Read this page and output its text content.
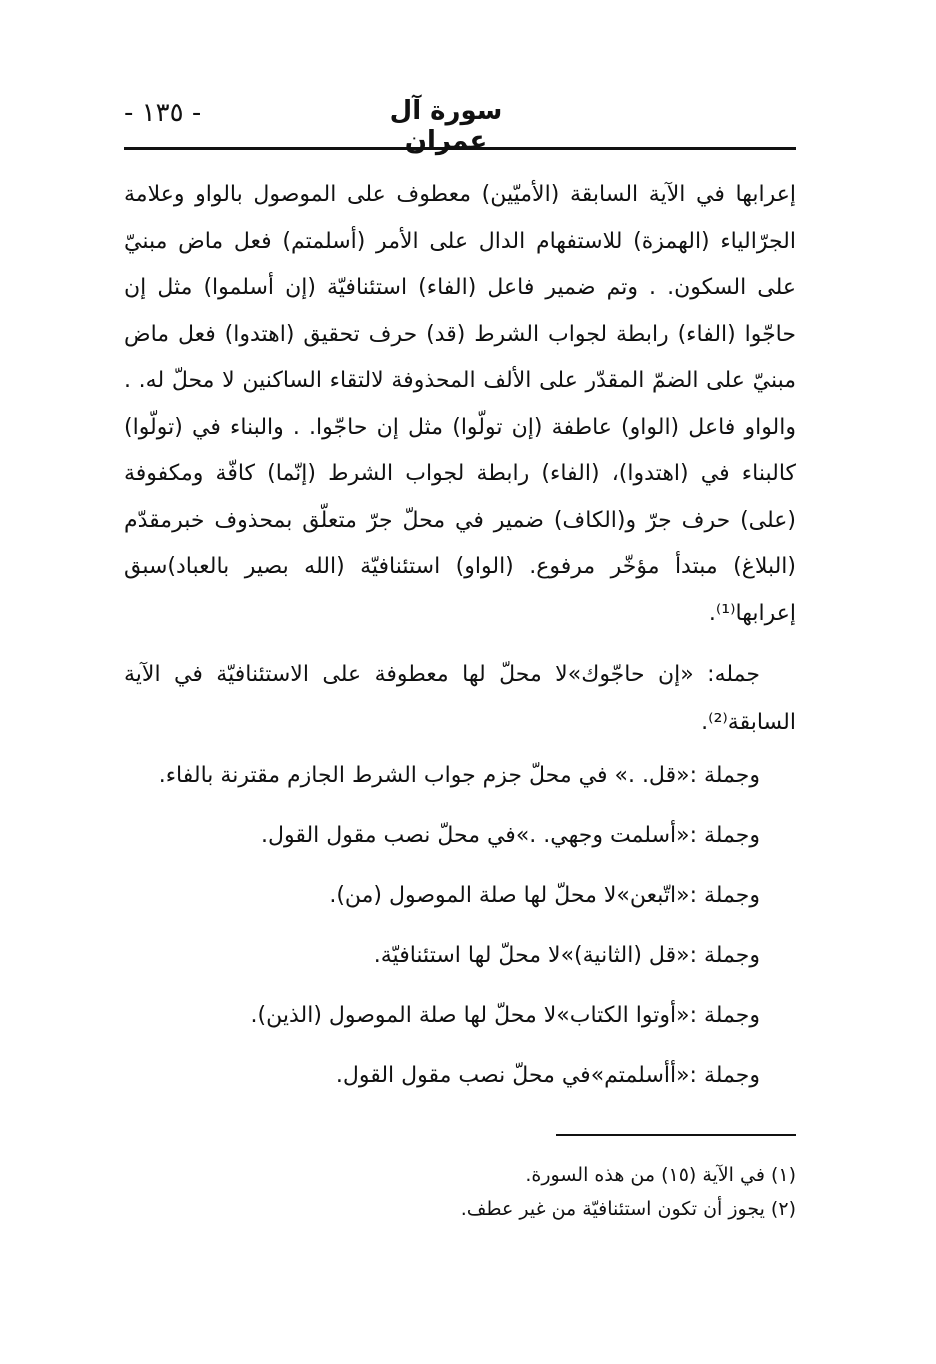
- ١٣٥ -	سورة آل عمران

إعرابها في الآية السابقة (الأميّين) معطوف على الموصول بالواو وعلامة الجرّالياء (الهمزة) للاستفهام الدال على الأمر (أسلمتم) فعل ماض مبنيّ على السكون. . وتم ضمير فاعل (الفاء) استئنافيّة (إن أسلموا) مثل إن حاجّوا (الفاء) رابطة لجواب الشرط (قد) حرف تحقيق (اهتدوا) فعل ماض مبنيّ على الضمّ المقدّر على الألف المحذوفة لالتقاء الساكنين لا محلّ له. . والواو فاعل (الواو) عاطفة (إن تولّوا) مثل إن حاجّوا. . والبناء في (تولّوا) كالبناء في (اهتدوا)، (الفاء) رابطة لجواب الشرط (إنّما) كافّة ومكفوفة (على) حرف جرّ و(الكاف) ضمير في محلّ جرّ متعلّق بمحذوف خبرمقدّم (البلاغ) مبتدأ مؤخّر مرفوع. (الواو) استئنافيّة (الله بصير بالعباد)سبق إعرابها⁽¹⁾.

جمله: «إن حاجّوك»لا محلّ لها معطوفة على الاستئنافيّة في الآية السابقة⁽²⁾.

وجملة :«قل. .» في محلّ جزم جواب الشرط الجازم مقترنة بالفاء.
وجملة :«أسلمت وجهي. .»في محلّ نصب مقول القول.
وجملة :«اتّبعن»لا محلّ لها صلة الموصول (من).
وجملة :«قل (الثانية)»لا محلّ لها استئنافيّة.
وجملة :«أوتوا الكتاب»لا محلّ لها صلة الموصول (الذين).
وجملة :«أأسلمتم»في محلّ نصب مقول القول.
(١) في الآية (١٥) من هذه السورة.
(٢) يجوز أن تكون استئنافيّة من غير عطف.
